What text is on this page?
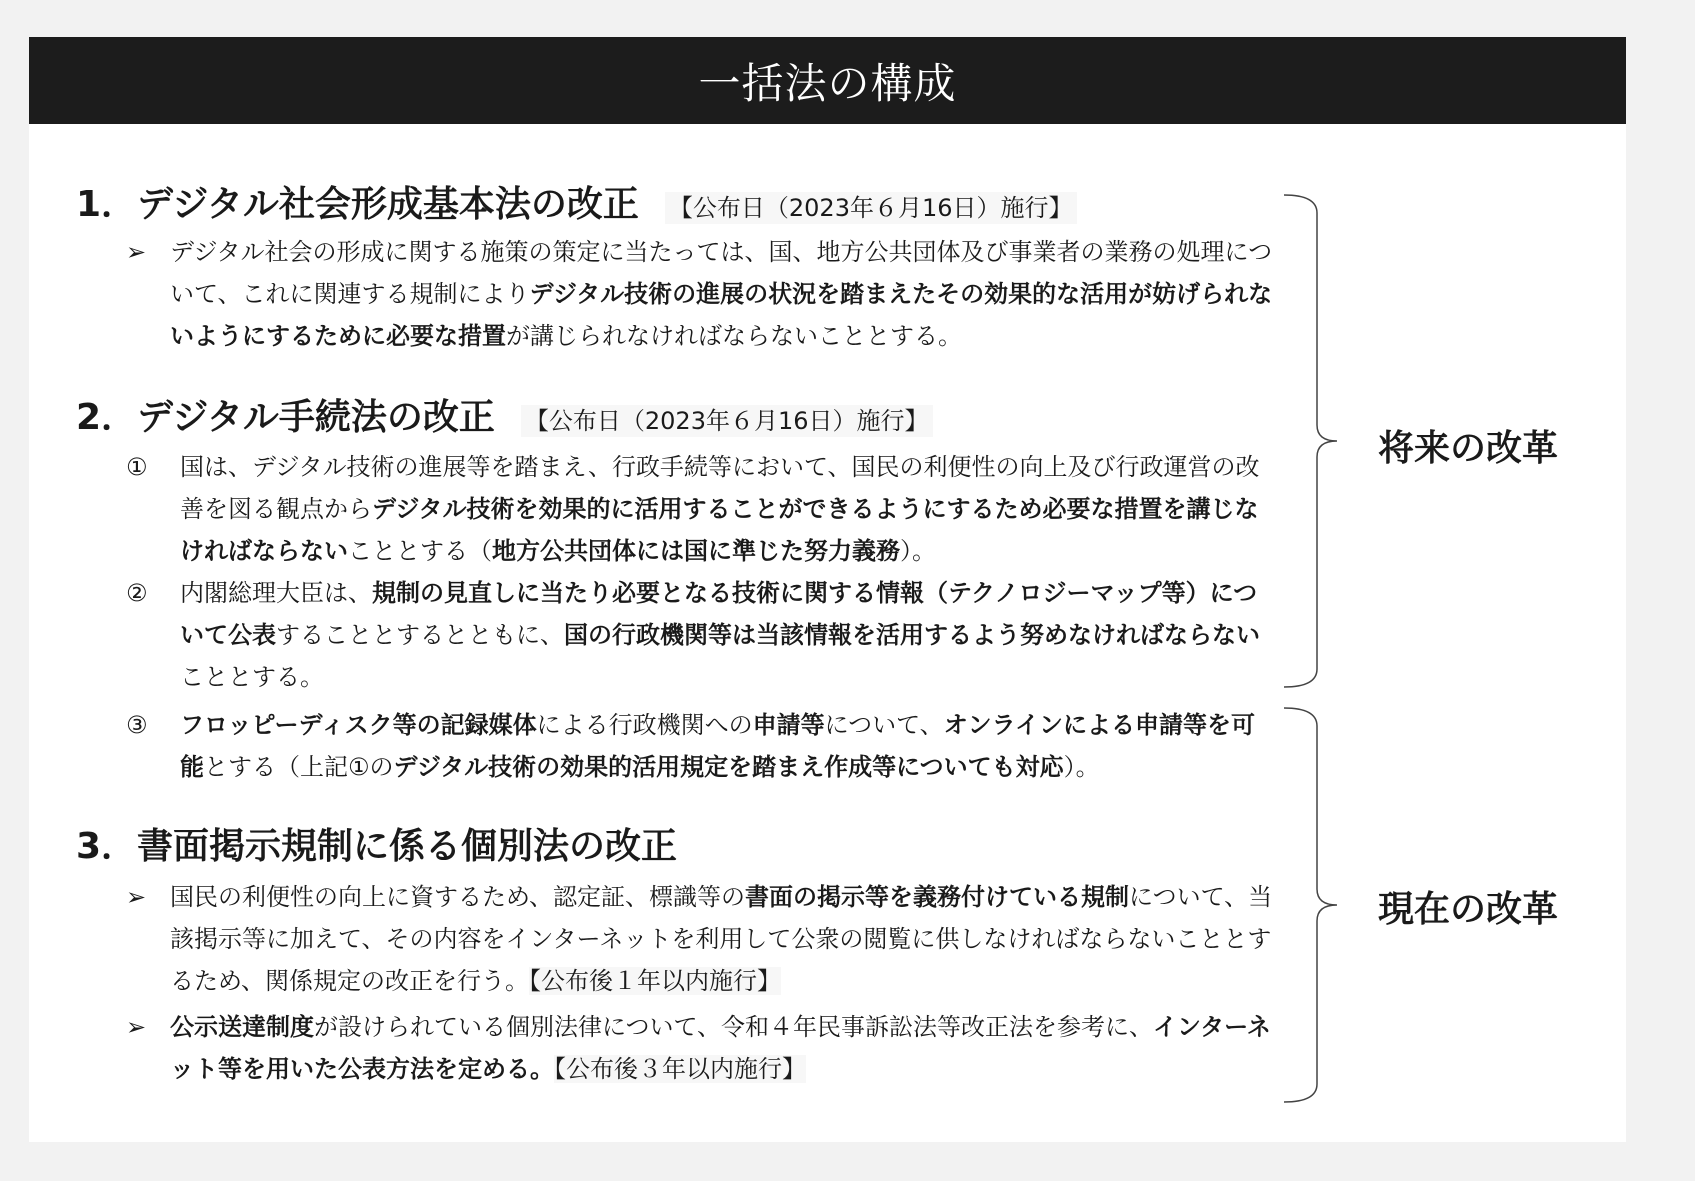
一括法の構成
1．デジタル社会形成基本法の改正 【公布日（2023年６月16日）施行】
➢ デジタル社会の形成に関する施策の策定に当たっては、国、地方公共団体及び事業者の業務の処理について、これに関連する規制によりデジタル技術の進展の状況を踏まえたその効果的な活用が妨げられないようにするために必要な措置が講じられなければならないこととする。
2．デジタル手続法の改正 【公布日（2023年６月16日）施行】
①	国は、デジタル技術の進展等を踏まえ、行政手続等において、国民の利便性の向上及び行政運営の改善を図る観点からデジタル技術を効果的に活用することができるようにするため必要な措置を講じなければならないこととする（地方公共団体には国に準じた努力義務）。
②	内閣総理大臣は、規制の見直しに当たり必要となる技術に関する情報（テクノロジーマップ等）について公表することとするとともに、国の行政機関等は当該情報を活用するよう努めなければならないこととする。
③	フロッピーディスク等の記録媒体による行政機関への申請等について、オンラインによる申請等を可能とする（上記①のデジタル技術の効果的活用規定を踏まえ作成等についても対応）。
3．書面掲示規制に係る個別法の改正
➢ 国民の利便性の向上に資するため、認定証、標識等の書面の掲示等を義務付けている規制について、当該掲示等に加えて、その内容をインターネットを利用して公衆の閲覧に供しなければならないこととするため、関係規定の改正を行う。【公布後１年以内施行】
➢ 公示送達制度が設けられている個別法律について、令和４年民事訴訟法等改正法を参考に、インターネット等を用いた公表方法を定める。【公布後３年以内施行】
将来の改革
現在の改革
